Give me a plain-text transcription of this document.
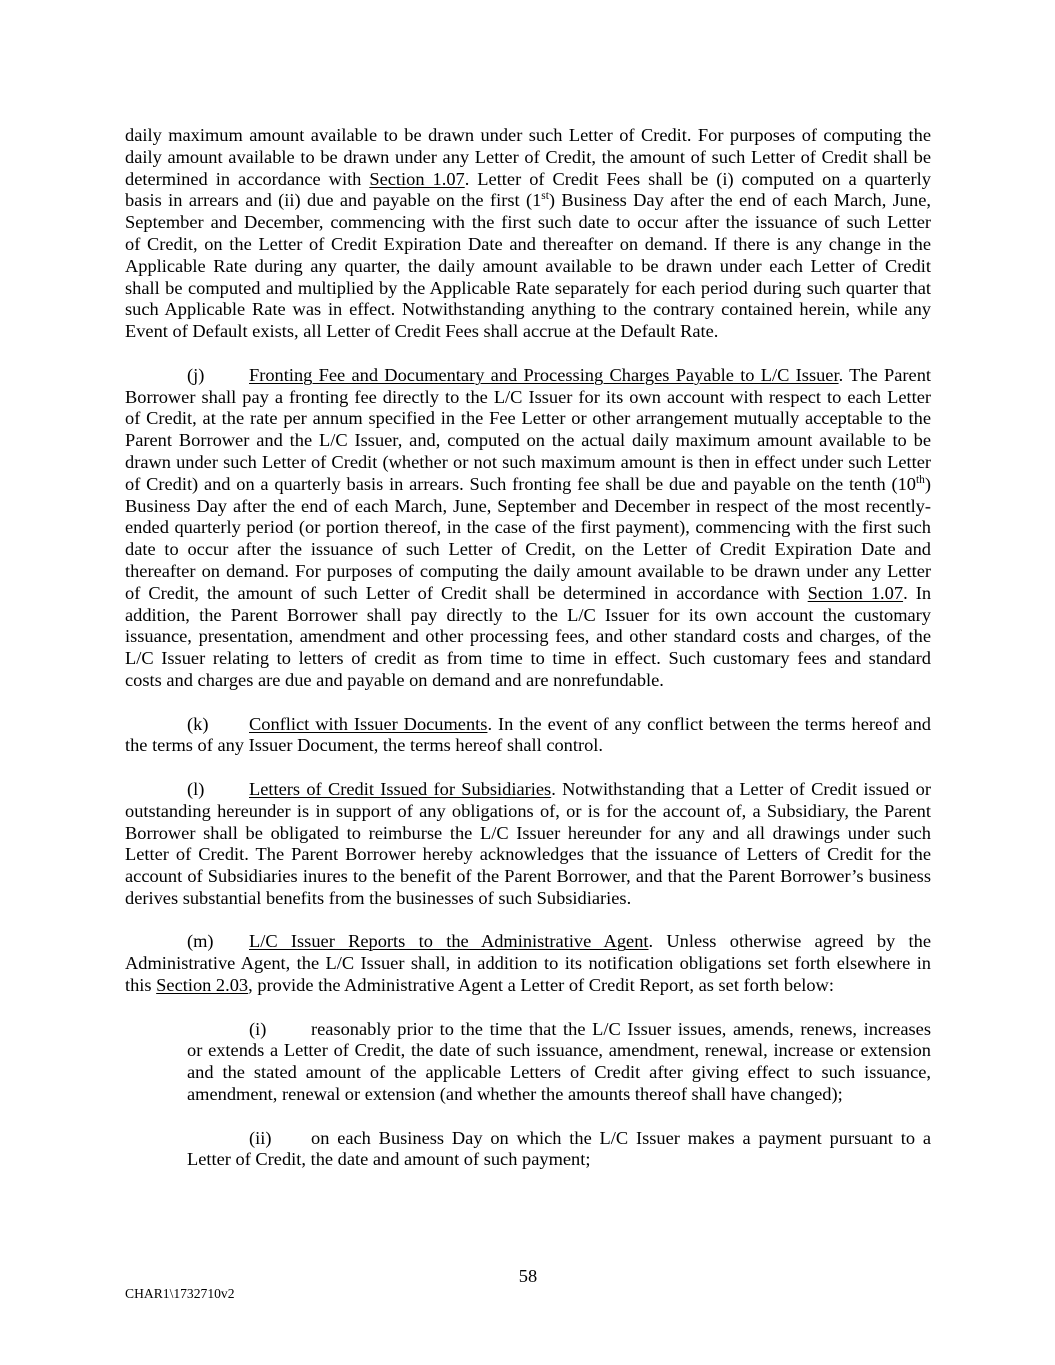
daily maximum amount available to be drawn under such Letter of Credit. For purposes of computing the
daily amount available to be drawn under any Letter of Credit, the amount of such Letter of Credit shall be
determined in accordance with Section 1.07. Letter of Credit Fees shall be (i) computed on a quarterly
basis in arrears and (ii) due and payable on the first (1st) Business Day after the end of each March, June,
September and December, commencing with the first such date to occur after the issuance of such Letter
of Credit, on the Letter of Credit Expiration Date and thereafter on demand. If there is any change in the
Applicable Rate during any quarter, the daily amount available to be drawn under each Letter of Credit
shall be computed and multiplied by the Applicable Rate separately for each period during such quarter that
such Applicable Rate was in effect. Notwithstanding anything to the contrary contained herein, while any
Event of Default exists, all Letter of Credit Fees shall accrue at the Default Rate.
(j)	Fronting Fee and Documentary and Processing Charges Payable to L/C Issuer. The Parent
Borrower shall pay a fronting fee directly to the L/C Issuer for its own account with respect to each Letter
of Credit, at the rate per annum specified in the Fee Letter or other arrangement mutually acceptable to the
Parent Borrower and the L/C Issuer, and, computed on the actual daily maximum amount available to be
drawn under such Letter of Credit (whether or not such maximum amount is then in effect under such Letter
of Credit) and on a quarterly basis in arrears. Such fronting fee shall be due and payable on the tenth (10th)
Business Day after the end of each March, June, September and December in respect of the most recently-
ended quarterly period (or portion thereof, in the case of the first payment), commencing with the first such
date to occur after the issuance of such Letter of Credit, on the Letter of Credit Expiration Date and
thereafter on demand. For purposes of computing the daily amount available to be drawn under any Letter
of Credit, the amount of such Letter of Credit shall be determined in accordance with Section 1.07. In
addition, the Parent Borrower shall pay directly to the L/C Issuer for its own account the customary
issuance, presentation, amendment and other processing fees, and other standard costs and charges, of the
L/C Issuer relating to letters of credit as from time to time in effect. Such customary fees and standard
costs and charges are due and payable on demand and are nonrefundable.
(k)	Conflict with Issuer Documents. In the event of any conflict between the terms hereof and
the terms of any Issuer Document, the terms hereof shall control.
(l)	Letters of Credit Issued for Subsidiaries. Notwithstanding that a Letter of Credit issued or
outstanding hereunder is in support of any obligations of, or is for the account of, a Subsidiary, the Parent
Borrower shall be obligated to reimburse the L/C Issuer hereunder for any and all drawings under such
Letter of Credit. The Parent Borrower hereby acknowledges that the issuance of Letters of Credit for the
account of Subsidiaries inures to the benefit of the Parent Borrower, and that the Parent Borrower’s business
derives substantial benefits from the businesses of such Subsidiaries.
(m)	L/C Issuer Reports to the Administrative Agent. Unless otherwise agreed by the
Administrative Agent, the L/C Issuer shall, in addition to its notification obligations set forth elsewhere in
this Section 2.03, provide the Administrative Agent a Letter of Credit Report, as set forth below:
(i)	reasonably prior to the time that the L/C Issuer issues, amends, renews, increases
or extends a Letter of Credit, the date of such issuance, amendment, renewal, increase or extension
and the stated amount of the applicable Letters of Credit after giving effect to such issuance,
amendment, renewal or extension (and whether the amounts thereof shall have changed);
(ii)	on each Business Day on which the L/C Issuer makes a payment pursuant to a
Letter of Credit, the date and amount of such payment;
58
CHAR1\1732710v2
